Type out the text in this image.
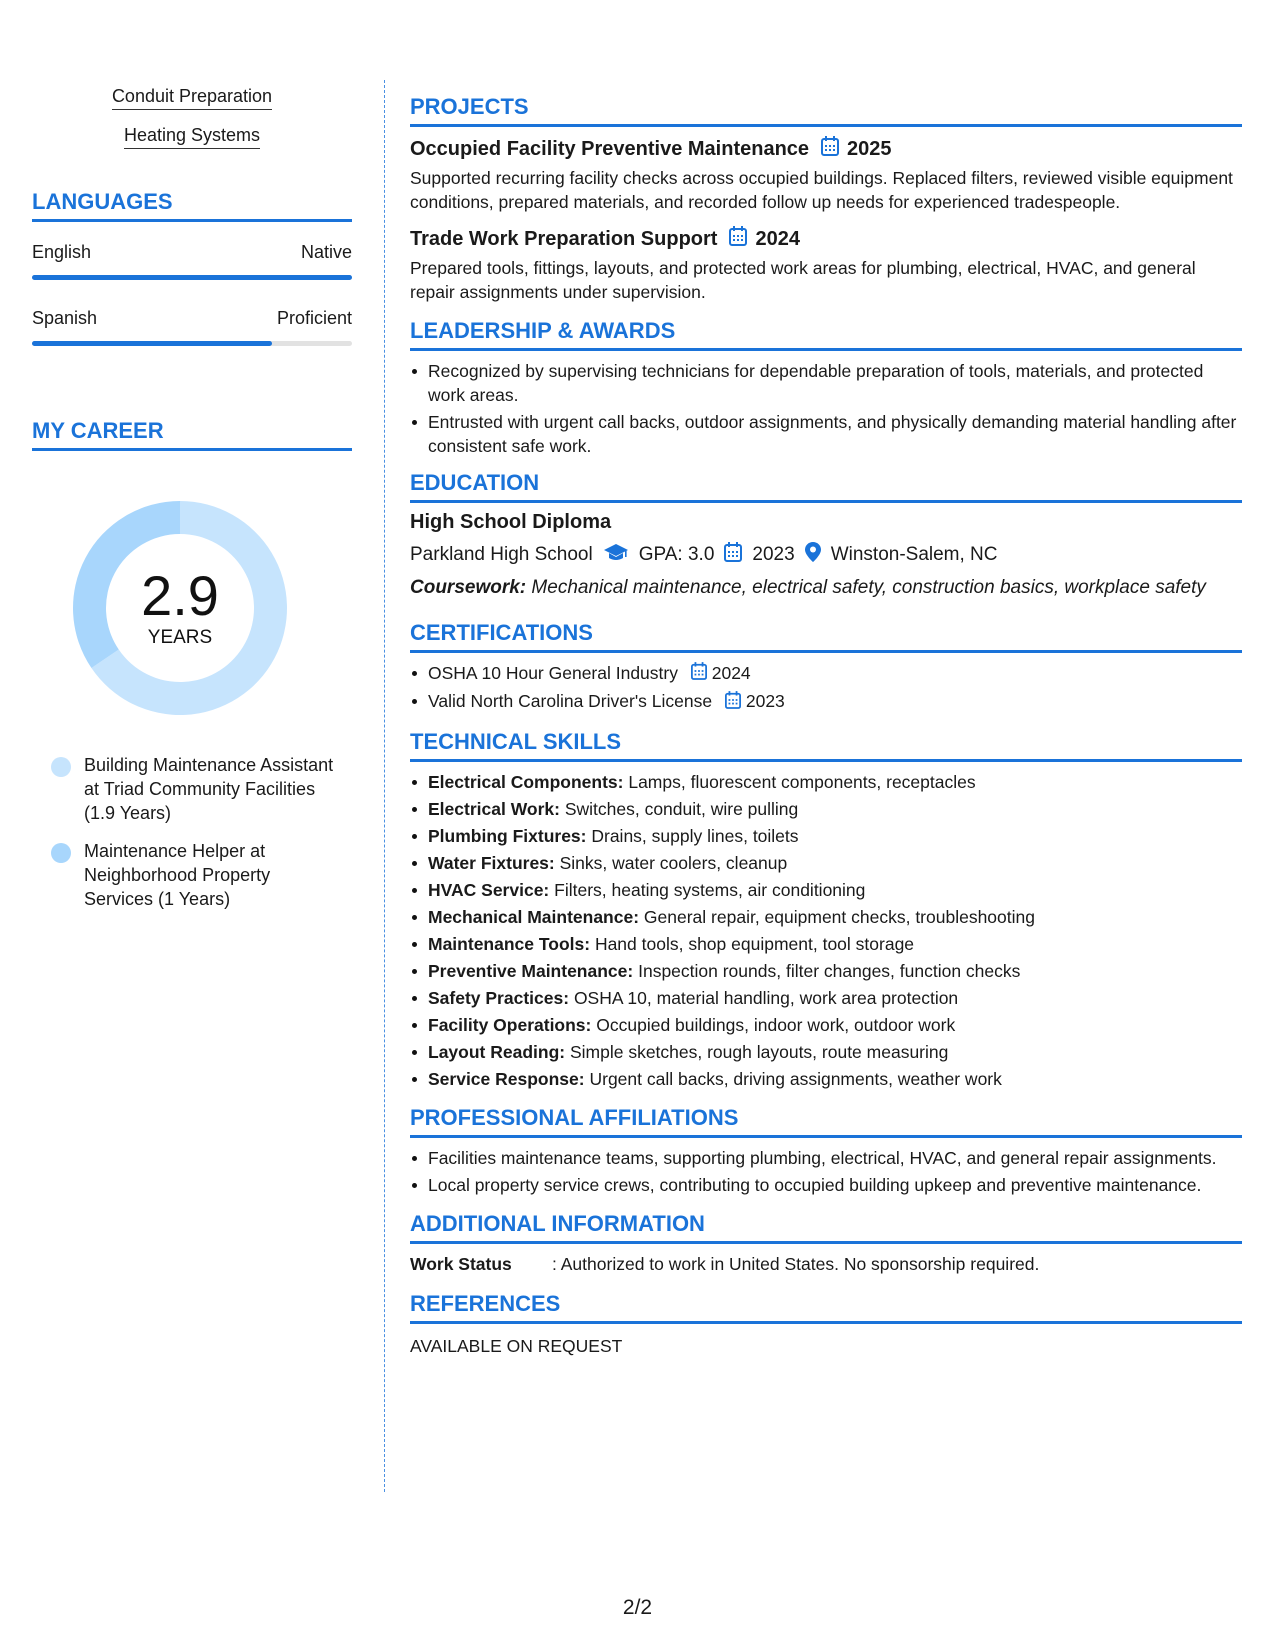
Conduit Preparation
Heating Systems
LANGUAGES
English	Native
Spanish	Proficient
MY CAREER
2.9
YEARS
Building Maintenance Assistant at Triad Community Facilities (1.9 Years)
Maintenance Helper at Neighborhood Property Services (1 Years)
PROJECTS
Occupied Facility Preventive Maintenance 2025
Supported recurring facility checks across occupied buildings. Replaced filters, reviewed visible equipment conditions, prepared materials, and recorded follow up needs for experienced tradespeople.
Trade Work Preparation Support 2024
Prepared tools, fittings, layouts, and protected work areas for plumbing, electrical, HVAC, and general repair assignments under supervision.
LEADERSHIP & AWARDS
Recognized by supervising technicians for dependable preparation of tools, materials, and protected work areas.
Entrusted with urgent call backs, outdoor assignments, and physically demanding material handling after consistent safe work.
EDUCATION
High School Diploma
Parkland High School GPA: 3.0 2023 Winston-Salem, NC
Coursework: Mechanical maintenance, electrical safety, construction basics, workplace safety
CERTIFICATIONS
OSHA 10 Hour General Industry 2024
Valid North Carolina Driver's License 2023
TECHNICAL SKILLS
Electrical Components: Lamps, fluorescent components, receptacles
Electrical Work: Switches, conduit, wire pulling
Plumbing Fixtures: Drains, supply lines, toilets
Water Fixtures: Sinks, water coolers, cleanup
HVAC Service: Filters, heating systems, air conditioning
Mechanical Maintenance: General repair, equipment checks, troubleshooting
Maintenance Tools: Hand tools, shop equipment, tool storage
Preventive Maintenance: Inspection rounds, filter changes, function checks
Safety Practices: OSHA 10, material handling, work area protection
Facility Operations: Occupied buildings, indoor work, outdoor work
Layout Reading: Simple sketches, rough layouts, route measuring
Service Response: Urgent call backs, driving assignments, weather work
PROFESSIONAL AFFILIATIONS
Facilities maintenance teams, supporting plumbing, electrical, HVAC, and general repair assignments.
Local property service crews, contributing to occupied building upkeep and preventive maintenance.
ADDITIONAL INFORMATION
Work Status	: Authorized to work in United States. No sponsorship required.
REFERENCES
AVAILABLE ON REQUEST
2/2
